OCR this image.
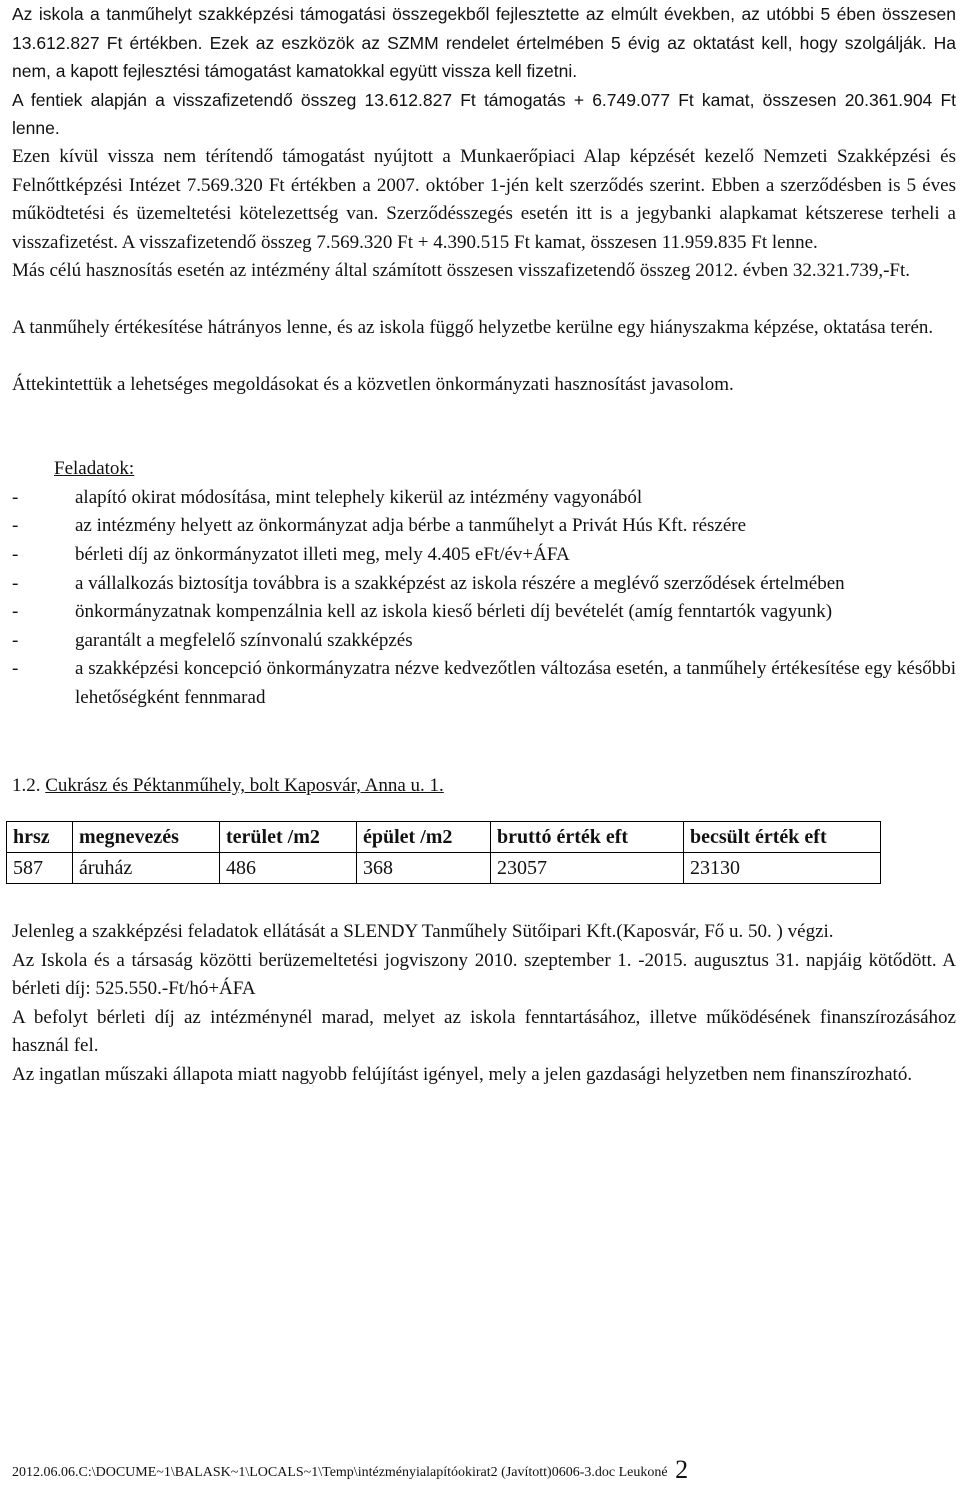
Az iskola a tanműhelyt szakképzési támogatási összegekből fejlesztette az elmúlt években, az utóbbi 5 ében összesen 13.612.827 Ft értékben. Ezek az eszközök az SZMM rendelet értelmében 5 évig az oktatást kell, hogy szolgálják. Ha nem, a kapott fejlesztési támogatást kamatokkal együtt vissza kell fizetni.

A fentiek alapján a visszafizetendő összeg 13.612.827 Ft támogatás + 6.749.077 Ft kamat, összesen 20.361.904 Ft lenne.

Ezen kívül vissza nem térítendő támogatást nyújtott a Munkaerőpiaci Alap képzését kezelő Nemzeti Szakképzési és Felnőttképzési Intézet 7.569.320 Ft értékben a 2007. október 1-jén kelt szerződés szerint. Ebben a szerződésben is 5 éves működtetési és üzemeltetési kötelezettség van. Szerződésszegés esetén itt is a jegybanki alapkamat kétszerese terheli a visszafizetést. A visszafizetendő összeg 7.569.320 Ft + 4.390.515 Ft kamat, összesen 11.959.835 Ft lenne.

Más célú hasznosítás esetén az intézmény által számított összesen visszafizetendő összeg 2012. évben 32.321.739,-Ft.

A tanműhely értékesítése hátrányos lenne, és az iskola függő helyzetbe kerülne egy hiányszakma képzése, oktatása terén.

Áttekintettük a lehetséges megoldásokat és a közvetlen önkormányzati hasznosítást javasolom.

Feladatok:

- alapító okirat módosítása, mint telephely kikerül az intézmény vagyonából
- az intézmény helyett az önkormányzat adja bérbe a tanműhelyt a Privát Hús Kft. részére
- bérleti díj az önkormányzatot illeti meg, mely 4.405 eFt/év+ÁFA
- a vállalkozás biztosítja továbbra is a szakképzést az iskola részére a meglévő szerződések értelmében
- önkormányzatnak kompenzálnia kell az iskola kieső bérleti díj bevételét (amíg fenntartók vagyunk)
- garantált a megfelelő színvonalú szakképzés
- a szakképzési koncepció önkormányzatra nézve kedvezőtlen változása esetén, a tanműhely értékesítése egy későbbi lehetőségként fennmarad

1.2. Cukrász és Péktanműhely, bolt Kaposvár, Anna u. 1.

hrsz	megnevezés	terület /m2	épület /m2	bruttó érték eft	becsült érték eft
587	áruház	486	368	23057	23130

Jelenleg a szakképzési feladatok ellátását a SLENDY Tanműhely Sütőipari Kft.(Kaposvár, Fő u. 50. ) végzi.

Az Iskola és a társaság közötti berüzemeltetési jogviszony 2010. szeptember 1. -2015. augusztus 31. napjáig kötődött. A bérleti díj: 525.550.-Ft/hó+ÁFA

A befolyt bérleti díj az intézménynél marad, melyet az iskola fenntartásához, illetve működésének finanszírozásához használ fel.

Az ingatlan műszaki állapota miatt nagyobb felújítást igényel, mely a jelen gazdasági helyzetben nem finanszírozható.

2012.06.06.C:\DOCUME~1\BALASK~1\LOCALS~1\Temp\intézményialapítóokirat2 (Javított)0606-3.doc Leukoné 2
